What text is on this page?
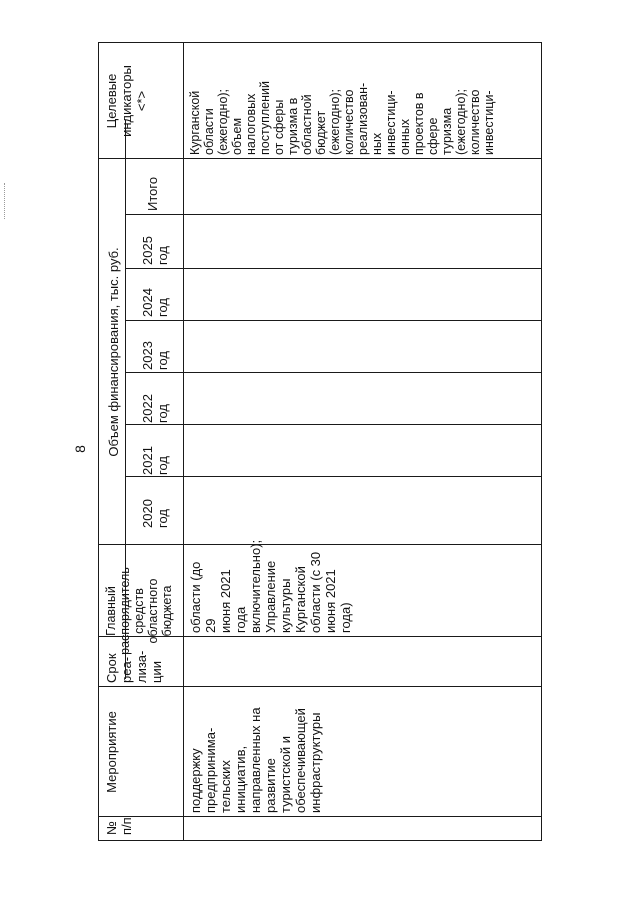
8
№
п/п
Мероприятие
Срок
реа-
лиза-
ции
Главный
распорядитель
средств
областного
бюджета
Объем финансирования, тыс. руб.
2020
год
2021
год
2022
год
2023
год
2024
год
2025
год
Итого
Целевые
индикаторы
<*>
поддержку
предпринима-
тельских
инициатив,
направленных на
развитие
туристской и
обеспечивающей
инфраструктуры
области (до 29
июня 2021 года
включительно);
Управление
культуры
Курганской
области (с 30
июня 2021
года)
Курганской
области
(ежегодно);
объем
налоговых
поступлений
от сферы
туризма в
областной
бюджет
(ежегодно);
количество
реализован-
ных
инвестици-
онных
проектов в
сфере
туризма
(ежегодно);
количество
инвестици-
